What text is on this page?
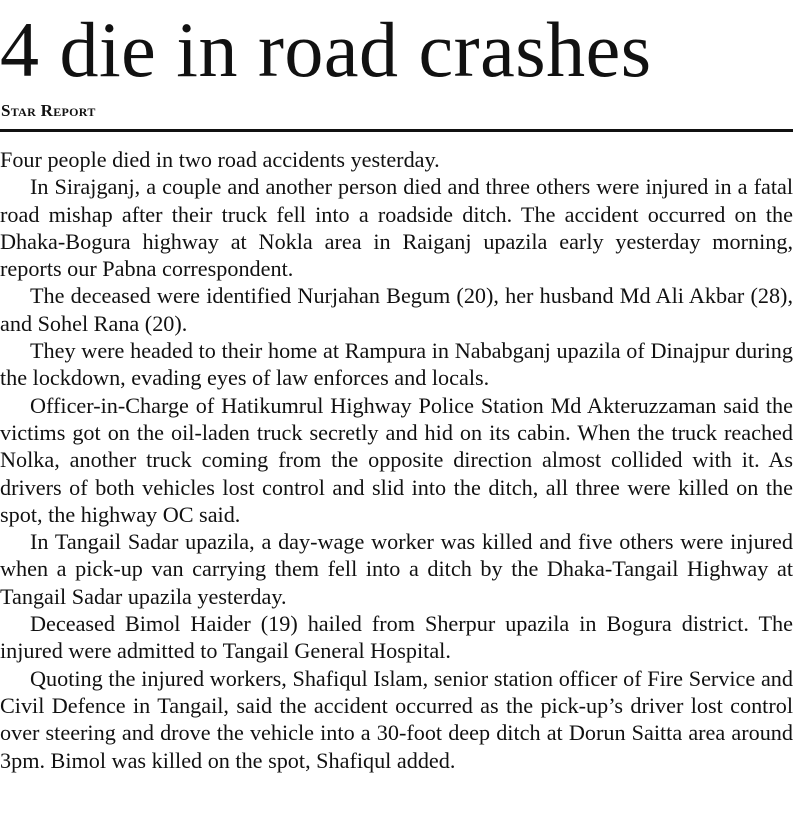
4 die in road crashes
Star Report

Four people died in two road accidents yesterday.

In Sirajganj, a couple and another person died and three others were injured in a fatal road mishap after their truck fell into a roadside ditch. The accident occurred on the Dhaka-Bogura highway at Nokla area in Raiganj upazila early yesterday morning, reports our Pabna correspondent.

The deceased were identified Nurjahan Begum (20), her husband Md Ali Akbar (28), and Sohel Rana (20).

They were headed to their home at Rampura in Nababganj upazila of Dinajpur during the lockdown, evading eyes of law enforces and locals.

Officer-in-Charge of Hatikumrul Highway Police Station Md Akteruzzaman said the victims got on the oil-laden truck secretly and hid on its cabin. When the truck reached Nolka, another truck coming from the opposite direction almost collided with it. As drivers of both vehicles lost control and slid into the ditch, all three were killed on the spot, the highway OC said.

In Tangail Sadar upazila, a day-wage worker was killed and five others were injured when a pick-up van carrying them fell into a ditch by the Dhaka-Tangail Highway at Tangail Sadar upazila yesterday.

Deceased Bimol Haider (19) hailed from Sherpur upazila in Bogura district. The injured were admitted to Tangail General Hospital.

Quoting the injured workers, Shafiqul Islam, senior station officer of Fire Service and Civil Defence in Tangail, said the accident occurred as the pick-up’s driver lost control over steering and drove the vehicle into a 30-foot deep ditch at Dorun Saitta area around 3pm. Bimol was killed on the spot, Shafiqul added.
